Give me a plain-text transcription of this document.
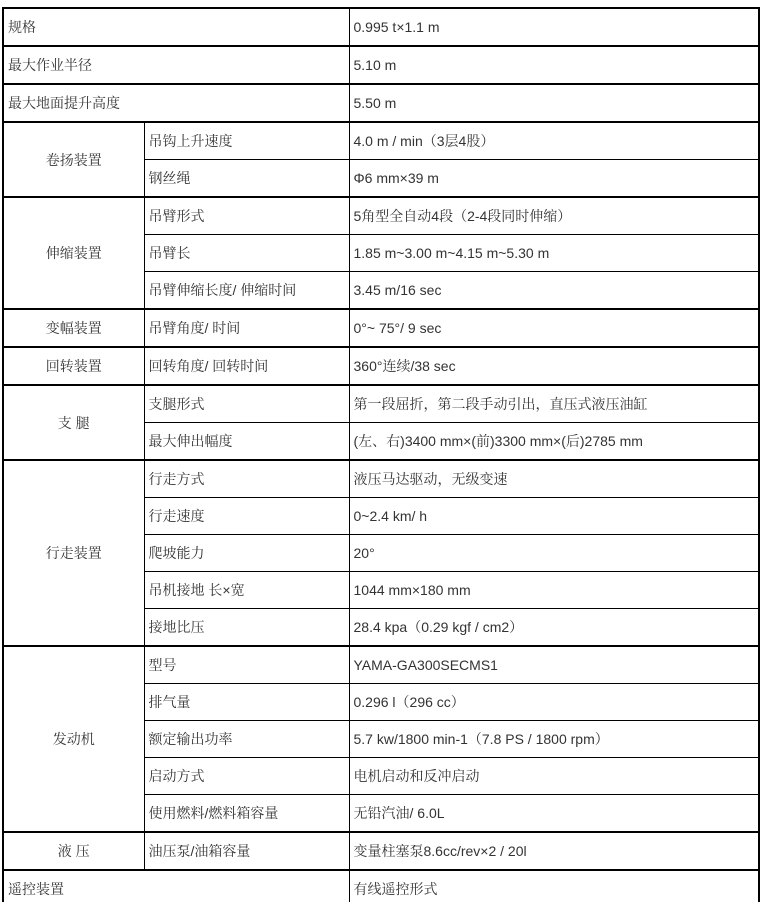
规格		0.995 t×1.1 m
最大作业半径		5.10 m
最大地面提升高度		5.50 m
卷扬装置	吊钩上升速度	4.0 m / min（3层4股）
	钢丝绳	Φ6 mm×39 m
伸缩装置	吊臂形式	5角型全自动4段（2-4段同时伸缩）
	吊臂长	1.85 m~3.00 m~4.15 m~5.30 m
	吊臂伸缩长度/ 伸缩时间	3.45 m/16 sec
变幅装置	吊臂角度/ 时间	0°~ 75°/ 9 sec
回转装置	回转角度/ 回转时间	360°连续/38 sec
支 腿	支腿形式	第一段屈折，第二段手动引出，直压式液压油缸
	最大伸出幅度	(左、右)3400 mm×(前)3300 mm×(后)2785 mm
行走装置	行走方式	液压马达驱动，无级变速
	行走速度	0~2.4 km/ h
	爬坡能力	20°
	吊机接地 长×宽	1044 mm×180 mm
	接地比压	28.4 kpa（0.29 kgf / cm2）
发动机	型号	YAMA-GA300SECMS1
	排气量	0.296 l（296 cc）
	额定输出功率	5.7 kw/1800 min-1（7.8 PS / 1800 rpm）
	启动方式	电机启动和反冲启动
	使用燃料/燃料箱容量	无铅汽油/ 6.0L
液 压	油压泵/油箱容量	变量柱塞泵8.6cc/rev×2 / 20l
遥控装置		有线遥控形式
